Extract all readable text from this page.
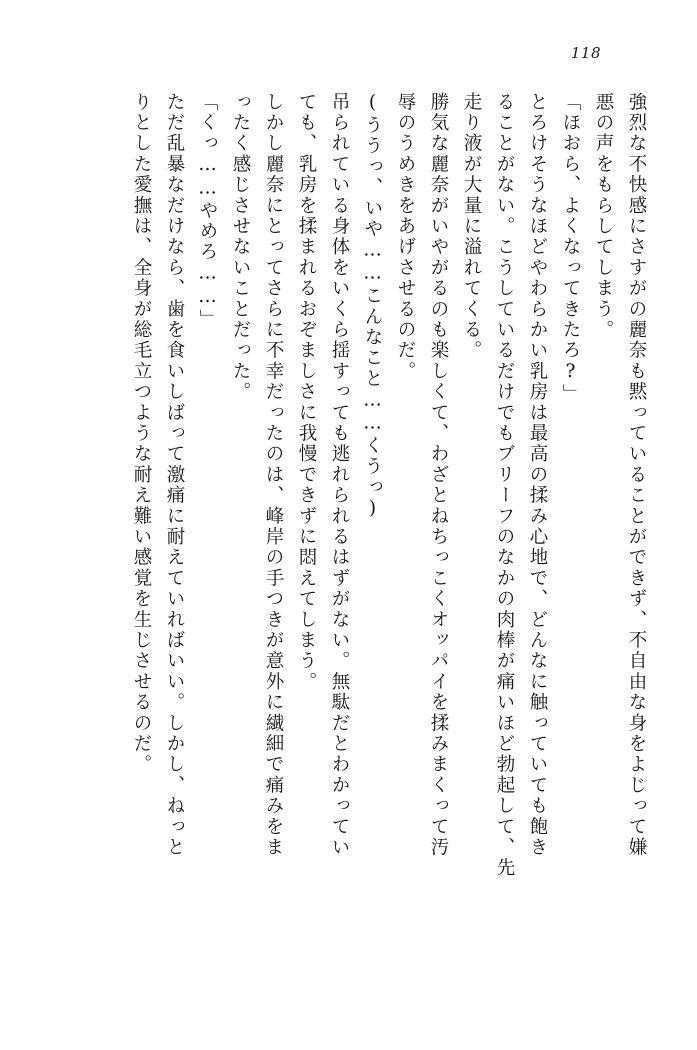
118
強烈な不快感にさすがの麗奈も黙っていることができず、不自由な身をよじって嫌
悪の声をもらしてしまう。
「ほおら、よくなってきたろ?」
とろけそうなほどやわらかい乳房は最高の揉み心地で、どんなに触っていても飽き
ることがない。こうしているだけでもブリーフのなかの肉棒が痛いほど勃起して、先
走り液が大量に溢れてくる。
勝気な麗奈がいやがるのも楽しくて、わざとねちっこくオッパイを揉みまくって汚
辱のうめきをあげさせるのだ。
(ううっ、いや……こんなこと……くうっ)
吊られている身体をいくら揺すっても逃れられるはずがない。無駄だとわかってい
ても、乳房を揉まれるおぞましさに我慢できずに悶えてしまう。
しかし麗奈にとってさらに不幸だったのは、峰岸の手つきが意外に繊細で痛みをま
ったく感じさせないことだった。
「くっ……やめろ……」
ただ乱暴なだけなら、歯を食いしばって激痛に耐えていればいい。しかし、ねっと
りとした愛撫は、全身が総毛立つような耐え難い感覚を生じさせるのだ。
